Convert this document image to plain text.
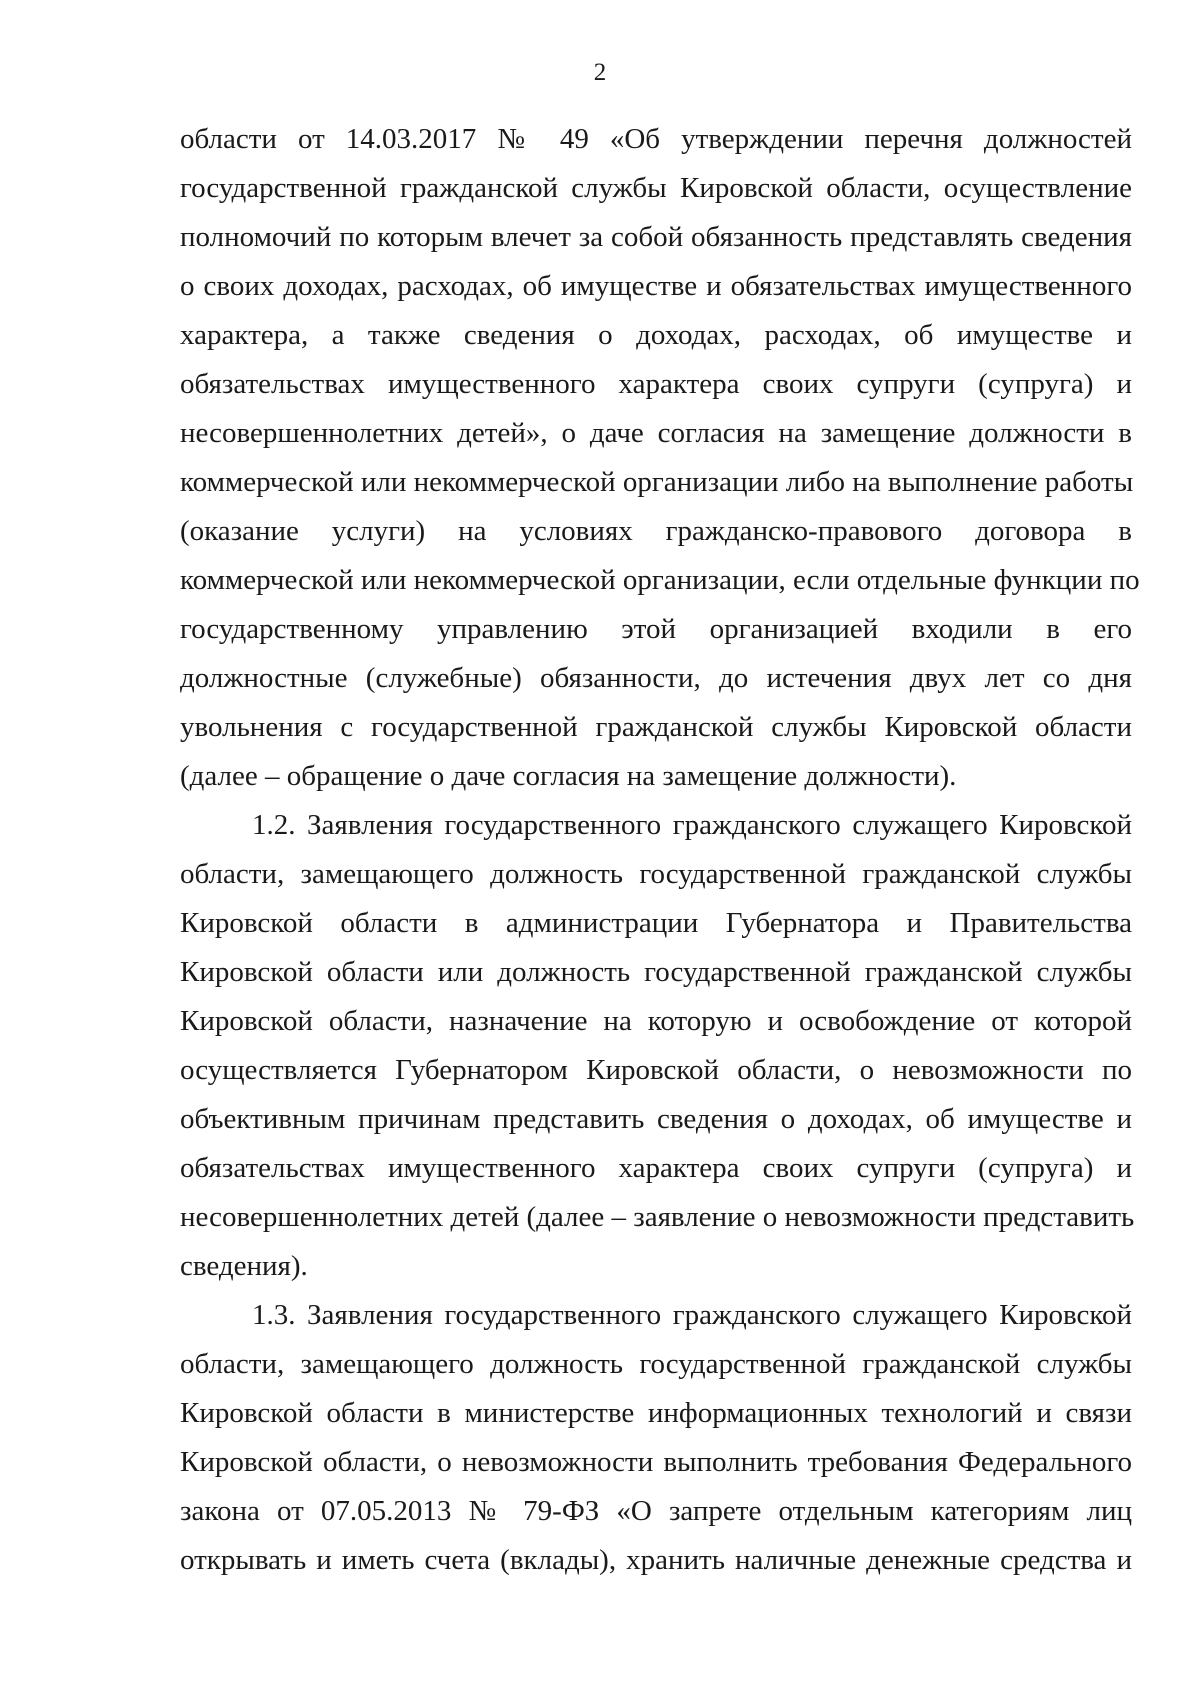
2
области от 14.03.2017 № 49 «Об утверждении перечня должностей
государственной гражданской службы Кировской области, осуществление
полномочий по которым влечет за собой обязанность представлять сведения
о своих доходах, расходах, об имуществе и обязательствах имущественного
характера, а также сведения о доходах, расходах, об имуществе и
обязательствах имущественного характера своих супруги (супруга) и
несовершеннолетних детей», о даче согласия на замещение должности в
коммерческой или некоммерческой организации либо на выполнение работы
(оказание услуги) на условиях гражданско-правового договора в
коммерческой или некоммерческой организации, если отдельные функции по
государственному управлению этой организацией входили в его
должностные (служебные) обязанности, до истечения двух лет со дня
увольнения с государственной гражданской службы Кировской области
(далее – обращение о даче согласия на замещение должности).
1.2. Заявления государственного гражданского служащего Кировской
области, замещающего должность государственной гражданской службы
Кировской области в администрации Губернатора и Правительства
Кировской области или должность государственной гражданской службы
Кировской области, назначение на которую и освобождение от которой
осуществляется Губернатором Кировской области, о невозможности по
объективным причинам представить сведения о доходах, об имуществе и
обязательствах имущественного характера своих супруги (супруга) и
несовершеннолетних детей (далее – заявление о невозможности представить
сведения).
1.3. Заявления государственного гражданского служащего Кировской
области, замещающего должность государственной гражданской службы
Кировской области в министерстве информационных технологий и связи
Кировской области, о невозможности выполнить требования Федерального
закона от 07.05.2013 № 79-ФЗ «О запрете отдельным категориям лиц
открывать и иметь счета (вклады), хранить наличные денежные средства и
